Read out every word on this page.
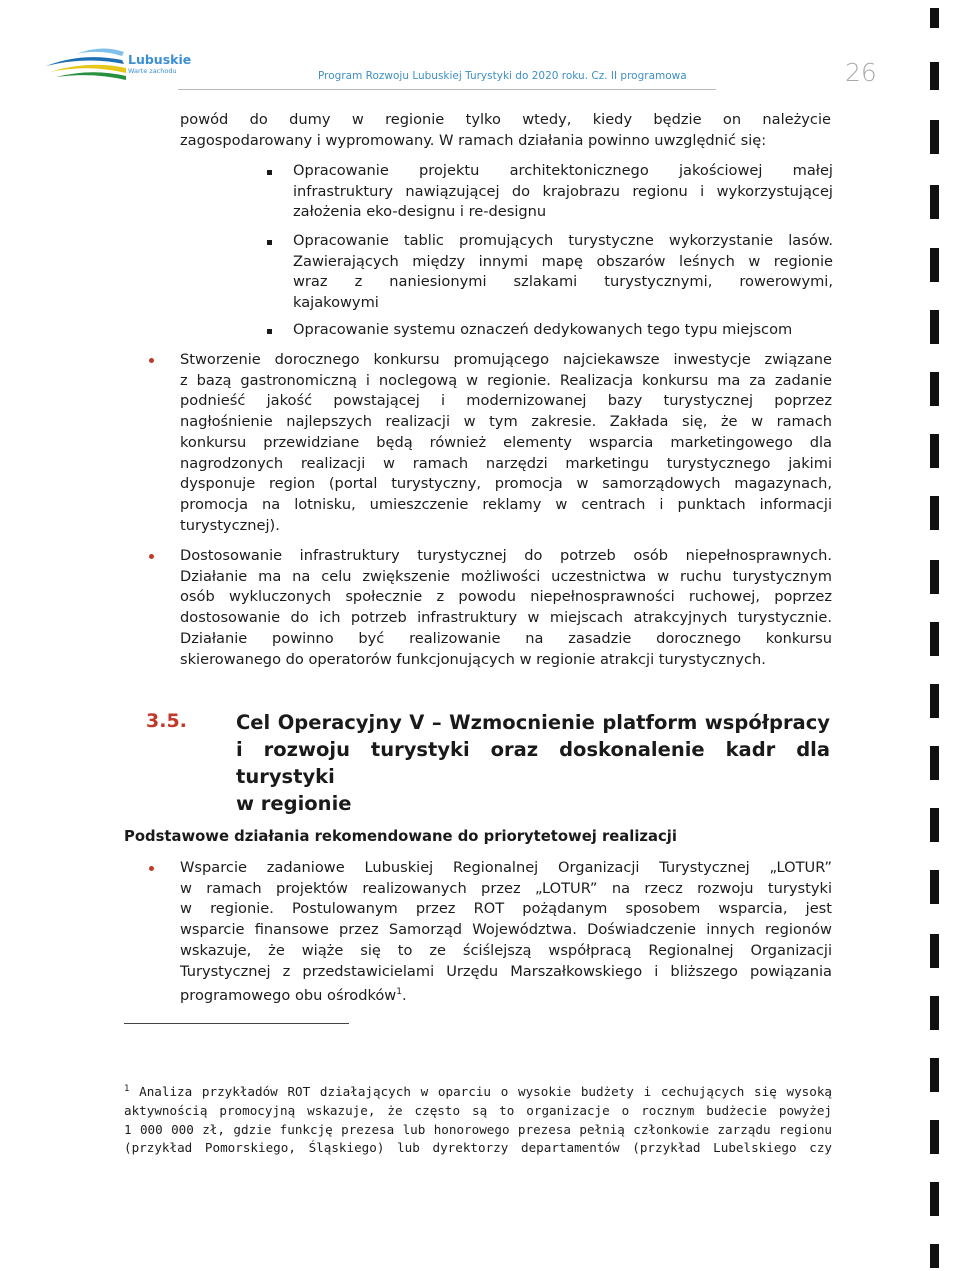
Lubuskie
Warte zachodu	Program Rozwoju Lubuskiej Turystyki do 2020 roku. Cz. II programowa	26
powód do dumy w regionie tylko wtedy, kiedy będzie on należycie
zagospodarowany i wypromowany. W ramach działania powinno uwzględnić się:
Opracowanie projektu architektonicznego jakościowej małej
infrastruktury nawiązującej do krajobrazu regionu i wykorzystującej
założenia eko-designu i re-designu
Opracowanie tablic promujących turystyczne wykorzystanie lasów.
Zawierających między innymi mapę obszarów leśnych w regionie
wraz z naniesionymi szlakami turystycznymi, rowerowymi,
kajakowymi
Opracowanie systemu oznaczeń dedykowanych tego typu miejscom
Stworzenie dorocznego konkursu promującego najciekawsze inwestycje związane
z bazą gastronomiczną i noclegową w regionie. Realizacja konkursu ma za zadanie
podnieść jakość powstającej i modernizowanej bazy turystycznej poprzez
nagłośnienie najlepszych realizacji w tym zakresie. Zakłada się, że w ramach
konkursu przewidziane będą również elementy wsparcia marketingowego dla
nagrodzonych realizacji w ramach narzędzi marketingu turystycznego jakimi
dysponuje region (portal turystyczny, promocja w samorządowych magazynach,
promocja na lotnisku, umieszczenie reklamy w centrach i punktach informacji
turystycznej).
Dostosowanie infrastruktury turystycznej do potrzeb osób niepełnosprawnych.
Działanie ma na celu zwiększenie możliwości uczestnictwa w ruchu turystycznym
osób wykluczonych społecznie z powodu niepełnosprawności ruchowej, poprzez
dostosowanie do ich potrzeb infrastruktury w miejscach atrakcyjnych turystycznie.
Działanie powinno być realizowanie na zasadzie dorocznego konkursu
skierowanego do operatorów funkcjonujących w regionie atrakcji turystycznych.
3.5.	Cel Operacyjny V – Wzmocnienie platform współpracy
i rozwoju turystyki oraz doskonalenie kadr dla turystyki
w regionie
Podstawowe działania rekomendowane do priorytetowej realizacji
Wsparcie zadaniowe Lubuskiej Regionalnej Organizacji Turystycznej „LOTUR”
w ramach projektów realizowanych przez „LOTUR” na rzecz rozwoju turystyki
w regionie. Postulowanym przez ROT pożądanym sposobem wsparcia, jest
wsparcie finansowe przez Samorząd Województwa. Doświadczenie innych regionów
wskazuje, że wiąże się to ze ściślejszą współpracą Regionalnej Organizacji
Turystycznej z przedstawicielami Urzędu Marszałkowskiego i bliższego powiązania
programowego obu ośrodków$^1$.
$^1$ Analiza przykładów ROT działających w oparciu o wysokie budżety i cechujących się wysoką
aktywnością promocyjną wskazuje, że często są to organizacje o rocznym budżecie powyżej
1 000 000 zł, gdzie funkcję prezesa lub honorowego prezesa pełnią członkowie zarządu regionu
(przykład Pomorskiego, Śląskiego) lub dyrektorzy departamentów (przykład Lubelskiego czy
